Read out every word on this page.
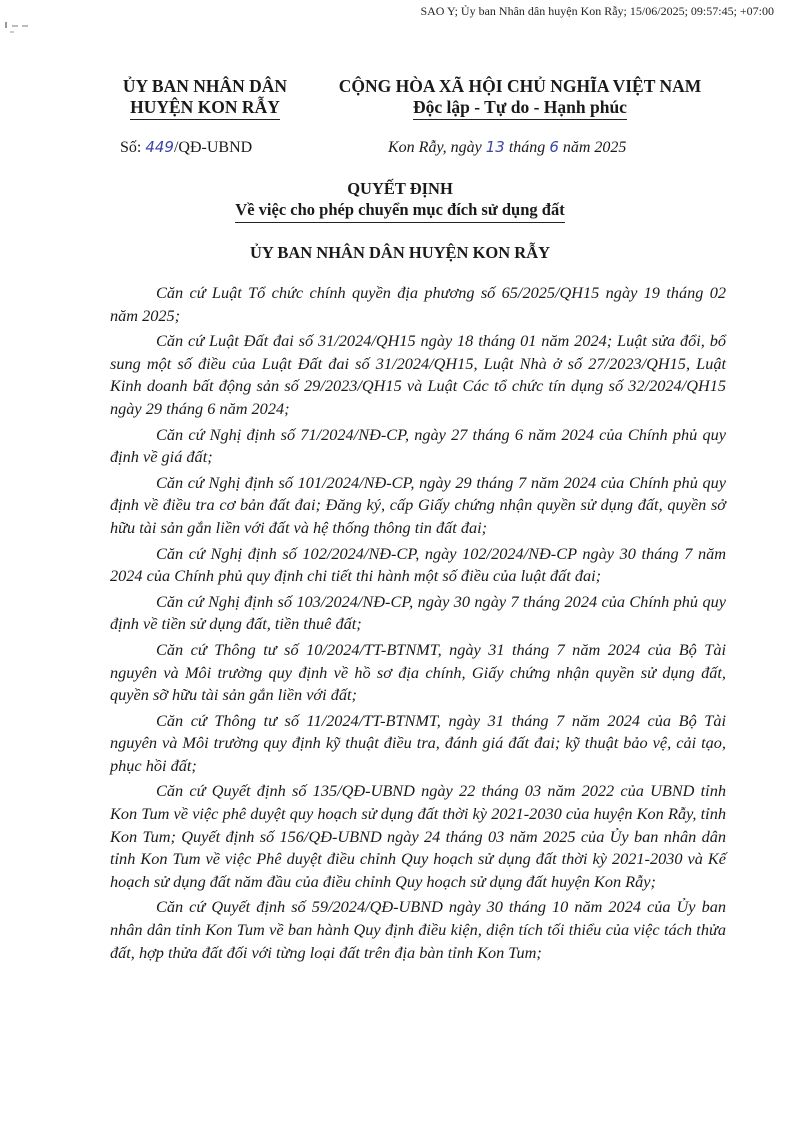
SAO Y; Ủy ban Nhân dân huyện Kon Rẫy; 15/06/2025; 09:57:45; +07:00
ỦY BAN NHÂN DÂN
HUYỆN KON RẪY
CỘNG HÒA XÃ HỘI CHỦ NGHĨA VIỆT NAM
Độc lập - Tự do - Hạnh phúc
Số: 449/QĐ-UBND	Kon Rẫy, ngày 13 tháng 6 năm 2025
QUYẾT ĐỊNH
Về việc cho phép chuyển mục đích sử dụng đất
ỦY BAN NHÂN DÂN HUYỆN KON RẪY

Căn cứ Luật Tổ chức chính quyền địa phương số 65/2025/QH15 ngày 19 tháng 02 năm 2025;

Căn cứ Luật Đất đai số 31/2024/QH15 ngày 18 tháng 01 năm 2024; Luật sửa đổi, bổ sung một số điều của Luật Đất đai số 31/2024/QH15, Luật Nhà ở số 27/2023/QH15, Luật Kinh doanh bất động sản số 29/2023/QH15 và Luật Các tổ chức tín dụng số 32/2024/QH15 ngày 29 tháng 6 năm 2024;

Căn cứ Nghị định số 71/2024/NĐ-CP, ngày 27 tháng 6 năm 2024 của Chính phủ quy định về giá đất;

Căn cứ Nghị định số 101/2024/NĐ-CP, ngày 29 tháng 7 năm 2024 của Chính phủ quy định về điều tra cơ bản đất đai; Đăng ký, cấp Giấy chứng nhận quyền sử dụng đất, quyền sở hữu tài sản gắn liền với đất và hệ thống thông tin đất đai;

Căn cứ Nghị định số 102/2024/NĐ-CP, ngày 102/2024/NĐ-CP ngày 30 tháng 7 năm 2024 của Chính phủ quy định chi tiết thi hành một số điều của luật đất đai;

Căn cứ Nghị định số 103/2024/NĐ-CP, ngày 30 ngày 7 tháng 2024 của Chính phủ quy định về tiền sử dụng đất, tiền thuê đất;

Căn cứ Thông tư số 10/2024/TT-BTNMT, ngày 31 tháng 7 năm 2024 của Bộ Tài nguyên và Môi trường quy định về hồ sơ địa chính, Giấy chứng nhận quyền sử dụng đất, quyền sỡ hữu tài sản gắn liền với đất;

Căn cứ Thông tư số 11/2024/TT-BTNMT, ngày 31 tháng 7 năm 2024 của Bộ Tài nguyên và Môi trường quy định kỹ thuật điều tra, đánh giá đất đai; kỹ thuật bảo vệ, cải tạo, phục hồi đất;

Căn cứ Quyết định số 135/QĐ-UBND ngày 22 tháng 03 năm 2022 của UBND tỉnh Kon Tum về việc phê duyệt quy hoạch sử dụng đất thời kỳ 2021-2030 của huyện Kon Rẫy, tỉnh Kon Tum; Quyết định số 156/QĐ-UBND ngày 24 tháng 03 năm 2025 của Ủy ban nhân dân tỉnh Kon Tum về việc Phê duyệt điều chỉnh Quy hoạch sử dụng đất thời kỳ 2021-2030 và Kế hoạch sử dụng đất năm đầu của điều chỉnh Quy hoạch sử dụng đất huyện Kon Rẫy;

Căn cứ Quyết định số 59/2024/QĐ-UBND ngày 30 tháng 10 năm 2024 của Ủy ban nhân dân tỉnh Kon Tum về ban hành Quy định điều kiện, diện tích tối thiểu của việc tách thửa đất, hợp thửa đất đối với từng loại đất trên địa bàn tỉnh Kon Tum;
